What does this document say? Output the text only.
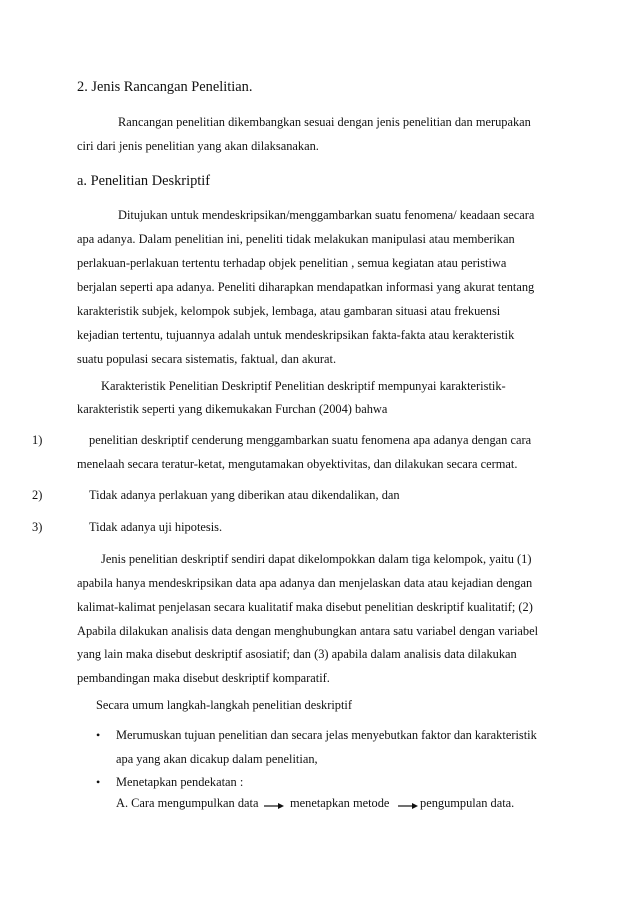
2. Jenis Rancangan Penelitian.
Rancangan penelitian dikembangkan sesuai dengan jenis penelitian dan merupakan
ciri dari jenis penelitian yang akan dilaksanakan.
a. Penelitian Deskriptif
Ditujukan untuk mendeskripsikan/menggambarkan suatu fenomena/ keadaan secara
apa adanya. Dalam penelitian ini, peneliti tidak melakukan manipulasi atau memberikan
perlakuan-perlakuan tertentu terhadap objek penelitian , semua kegiatan atau peristiwa
berjalan seperti apa adanya. Peneliti diharapkan mendapatkan informasi yang akurat tentang
karakteristik subjek, kelompok subjek, lembaga, atau gambaran situasi atau frekuensi
kejadian tertentu, tujuannya adalah untuk mendeskripsikan fakta-fakta atau kerakteristik
suatu populasi secara sistematis, faktual, dan akurat.
Karakteristik Penelitian Deskriptif Penelitian deskriptif mempunyai karakteristik-
karakteristik seperti yang dikemukakan Furchan (2004) bahwa
1)	penelitian deskriptif cenderung menggambarkan suatu fenomena apa adanya dengan cara
menelaah secara teratur-ketat, mengutamakan obyektivitas, dan dilakukan secara cermat.
2)	Tidak adanya perlakuan yang diberikan atau dikendalikan, dan
3)	Tidak adanya uji hipotesis.
Jenis penelitian deskriptif sendiri dapat dikelompokkan dalam tiga kelompok, yaitu (1)
apabila hanya mendeskripsikan data apa adanya dan menjelaskan data atau kejadian dengan
kalimat-kalimat penjelasan secara kualitatif maka disebut penelitian deskriptif kualitatif; (2)
Apabila dilakukan analisis data dengan menghubungkan antara satu variabel dengan variabel
yang lain maka disebut deskriptif asosiatif; dan (3) apabila dalam analisis data dilakukan
pembandingan maka disebut deskriptif komparatif.
Secara umum langkah-langkah penelitian deskriptif
• Merumuskan tujuan penelitian dan secara jelas menyebutkan faktor dan karakteristik
apa yang akan dicakup dalam penelitian,
• Menetapkan pendekatan :
A. Cara mengumpulkan data	menetapkan metode pengumpulan data.
